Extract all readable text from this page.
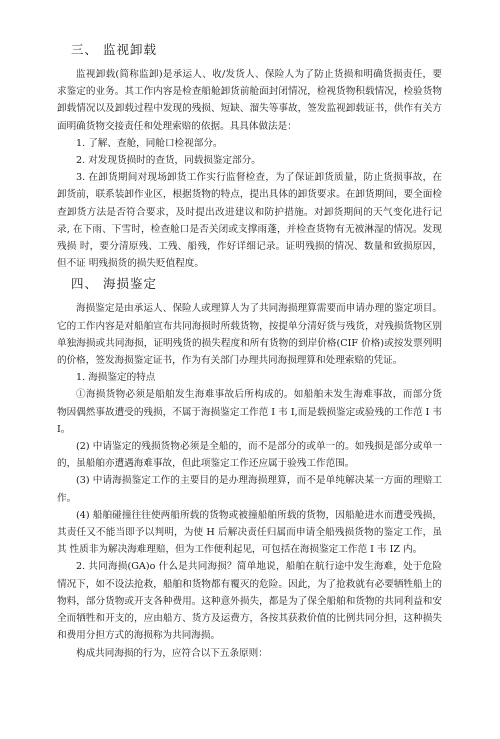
三、 监视卸载

监视卸载(简称监卸)是承运人、收/发货人、保险人为了防止货损和明确货损责任，要 求鉴定的业务。其工作内容是检查船舱卸货前舱面封闭情况，检视货物积载情况，检验货物 卸载情况以及卸载过程中发现的残损、短缺、溜失等事故，签发监视卸载证书，供作有关方 面明确货物交接责任和处理索赔的依据。具具体做法是：

1. 了解、查舱，同舱口检视部分。

2. 对发现货损时的查货，同载损鉴定部分。

3. 在卸货期间对现场卸货工作实行监督检查，为了保证卸货质量，防止货损事故，在 卸货前，联系装卸作业区，根据货物的特点，提出具体的卸货要求。在卸货期间，要全面检 查卸货方法是否符合要求，及时提出改进建议和防护措施。对卸货期间的天气变化进行记录, 在下雨、下雪时，检查舱口是否关闭或支撑雨蓬，并检查货物有无被淋湿的情况。发现残损 时，要分清原残、工残、船残，作好详细记录。证明残损的情况、数量和致损原因，但不证 明残损货的损失贬值程度。

四、 海损鉴定

海损鉴定是由承运人、保险人或理算人为了共同海损理算需要而申请办理的鉴定项目。 它的工作内容是对船舶宣布共同海损时所载货物，按提单分清好货与残货，对残损货物区别 单独海损或共同海损，证明残货的损失程度和所有货物的到岸价格(CIF 价格)或按发票列明 的价格，签发海损鉴定证书，作为有关部门办理共同海损理算和处理索赔的凭证。

1. 海损鉴定的特点

①海损货物必须是船舶发生海难事故后所构成的。如船舶未发生海难事故，而部分货 物因偶然事故遭受的残损，不属于海损鉴定工作范 I 韦 I,而是载损鉴定或验残的工作范 I 韦 I。

(2) 中请鉴定的残损货物必须是全船的，而不是部分的或单一的。如残损是部分或单一的，虽船舶亦遭遇海难事故，但此项鉴定工作还应属于验残工作范围。

(3) 中请海损鉴定工作的主要目的是办理海损理算，而不是单纯解决某一方面的理赔工作。

(4) 船舶碰撞往往使两船所载的货物或被撞船舶所载的货物，因船舱进水而遭受残损， 其责任又不能当即予以判明，为使 H 后解决责任归属而申请全船残损货物的鉴定工作，虽其 性质非为解决海难理赔，但为工作便利起见，可包括在海损鉴定工作范 I 韦 IZ 内。

2. 共同海损(GA)o 什么是共同海损？简单地说，船舶在航行途中发生海难，处于危险 情况下，如不设法抢救，船舶和货物都有覆灭的危险。因此，为了抢救就有必要牺牲船上的 物料，部分货物或开支各种费用。这种意外损失，都是为了保全船舶和货物的共同利益和安 全而牺牲和开支的，应由船方、货方及运费方，各按其获救价值的比例共同分担，这种损失 和费用分担方式的海损称为共同海损。

构成共同海损的行为，应符合以下五条原则：
